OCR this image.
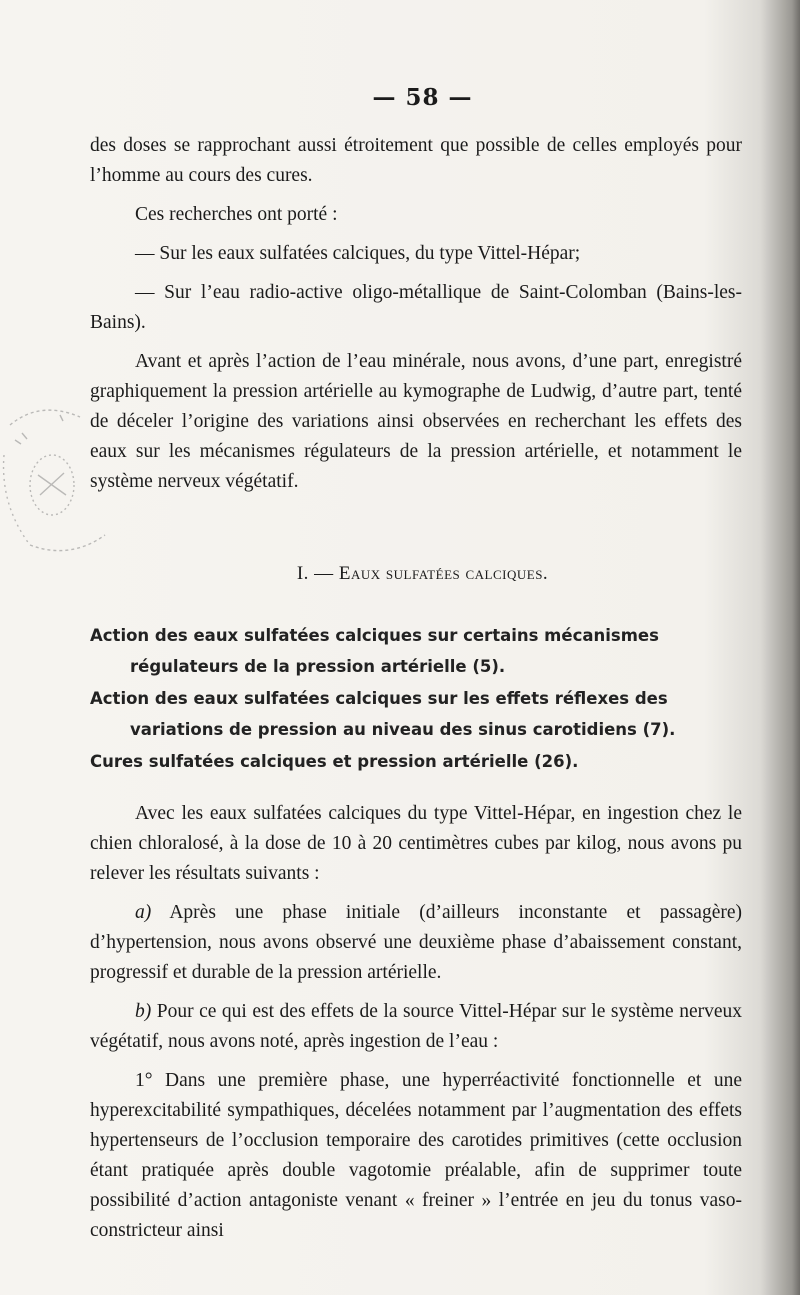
— 58 —

des doses se rapprochant aussi étroitement que possible de celles employés pour l’homme au cours des cures.

Ces recherches ont porté :

— Sur les eaux sulfatées calciques, du type Vittel-Hépar;

— Sur l’eau radio-active oligo-métallique de Saint-Colomban (Bains-les-Bains).

Avant et après l’action de l’eau minérale, nous avons, d’une part, enregistré graphiquement la pression artérielle au kymographe de Ludwig, d’autre part, tenté de déceler l’origine des variations ainsi observées en recherchant les effets des eaux sur les mécanismes régulateurs de la pression artérielle, et notamment le système nerveux végétatif.

I. — Eaux sulfatées calciques.

Action des eaux sulfatées calciques sur certains mécanismes régulateurs de la pression artérielle (5).

Action des eaux sulfatées calciques sur les effets réflexes des variations de pression au niveau des sinus carotidiens (7).

Cures sulfatées calciques et pression artérielle (26).

Avec les eaux sulfatées calciques du type Vittel-Hépar, en ingestion chez le chien chloralosé, à la dose de 10 à 20 centimètres cubes par kilog, nous avons pu relever les résultats suivants :

a) Après une phase initiale (d’ailleurs inconstante et passagère) d’hypertension, nous avons observé une deuxième phase d’abaissement constant, progressif et durable de la pression artérielle.

b) Pour ce qui est des effets de la source Vittel-Hépar sur le système nerveux végétatif, nous avons noté, après ingestion de l’eau :

1° Dans une première phase, une hyperréactivité fonctionnelle et une hyperexcitabilité sympathiques, décelées notamment par l’augmentation des effets hypertenseurs de l’occlusion temporaire des carotides primitives (cette occlusion étant pratiquée après double vagotomie préalable, afin de supprimer toute possibilité d’action antagoniste venant « freiner » l’entrée en jeu du tonus vaso-constricteur ainsi
